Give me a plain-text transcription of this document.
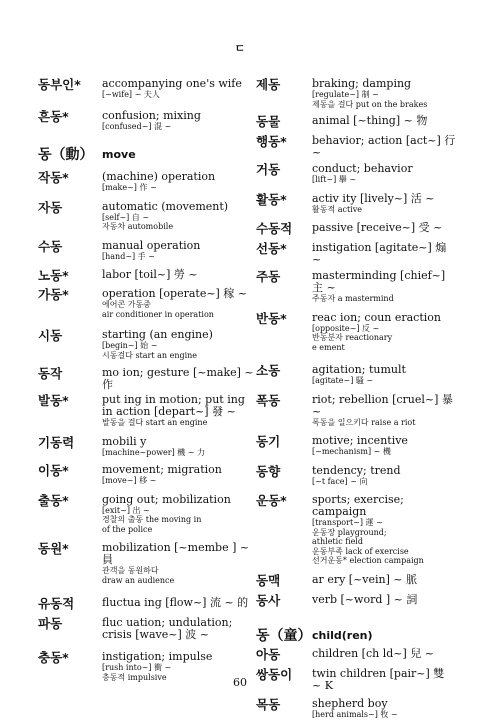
ㄷ
동부인*	accompanying one's wife
[~wife] ~ 夫人
흔동*	confusion; mixing
[confused~] 混 ~
동（動） move
작동*	(machine) operation
[make~] 作 ~
자동	automatic (movement)
[self~] 自 ~
자동차 automobile
수동	manual operation
[hand~] 手 ~
노동*	labor [toil~] 勞 ~
가동*	operation [operate~] 稼 ~
에어콘 가동중
air conditioner in operation
시동	starting (an engine)
[begin~] 始 ~
시동걸다 start an engine
동작	mo ion; gesture [~make] ~ 作
발동*	put ing in motion; put ing
in action [depart~] 發 ~
발동을 걸다 start an engine
기동력	mobili y
[machine~power] 機 ~ 力
이동*	movement; migration
[move~] 移 ~
출동*	going out; mobilization
[exit~] 出 ~
경찰의 출동 the moving in
of the police
동원*	mobilization [~membe ] ~ 員
관객을 동원하다
draw an audience
유동적	fluctua ing [flow~] 流 ~ 的
파동	fluc uation; undulation;
crisis [wave~] 波 ~
충동*	instigation; impulse
[rush into~] 衝 ~
충동적 impulsive
제동	braking; damping
[regulate~] 制 ~
제동을 걸다 put on the brakes
동물	animal [~thing] ~ 物
행동*	behavior; action [act~] 行 ~
거동	conduct; behavior
[lift~] 擧 ~
활동*	activ ity [lively~] 活 ~
활동적 active
수동적	passive [receive~] 受 ~
선동*	instigation [agitate~] 煽 ~
주동	masterminding [chief~] 主 ~
주동자 a mastermind
반동*	reac ion; coun eraction
[opposite~] 反 ~
반동분자 reactionary
e ement
소동	agitation; tumult
[agitate~] 騷 ~
폭동	riot; rebellion [cruel~] 暴 ~
폭동을 일으키다 raise a riot
동기	motive; incentive
[~mechanism] ~ 機
동향	tendency; trend
[~t face] ~ 向
운동*	sports; exercise; campaign
[transport~] 運 ~
운동장 playground;
athletic field
운동부족 lack of exercise
선거운동* election campaign
동맥	ar ery [~vein] ~ 脈
동사	verb [~word ] ~ 詞
동（童） child(ren)
아동	children [ch ld~] 兒 ~
쌍동이	twin children [pair~] 雙 ~ K
목동	shepherd boy
[herd animals~] 牧 ~
60
